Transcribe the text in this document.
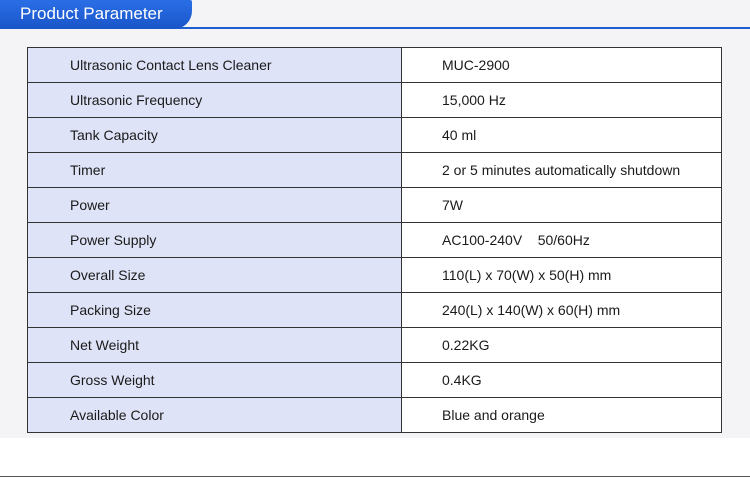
Product Parameter
Ultrasonic Contact Lens Cleaner	MUC-2900
Ultrasonic Frequency	15,000 Hz
Tank Capacity	40 ml
Timer	2 or 5 minutes automatically shutdown
Power	7W
Power Supply	AC100-240V    50/60Hz
Overall Size	110(L) x 70(W) x 50(H) mm
Packing Size	240(L) x 140(W) x 60(H) mm
Net Weight	0.22KG
Gross Weight	0.4KG
Available Color	Blue and orange
